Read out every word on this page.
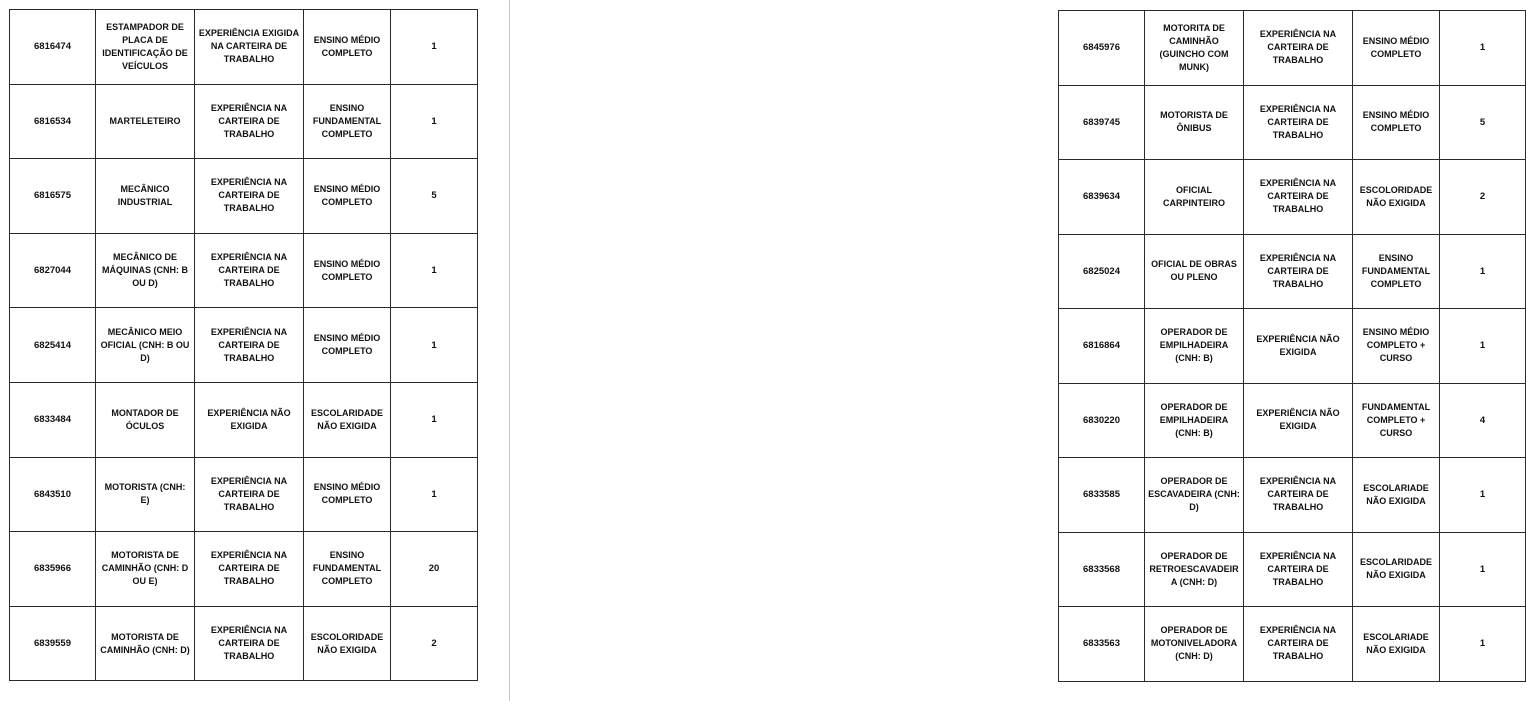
6816474	ESTAMPADOR DE PLACA DE IDENTIFICAÇÃO DE VEÍCULOS	EXPERIÊNCIA EXIGIDA NA CARTEIRA DE TRABALHO	ENSINO MÉDIO COMPLETO	1
6816534	MARTELETEIRO	EXPERIÊNCIA NA CARTEIRA DE TRABALHO	ENSINO FUNDAMENTAL COMPLETO	1
6816575	MECÂNICO INDUSTRIAL	EXPERIÊNCIA NA CARTEIRA DE TRABALHO	ENSINO MÉDIO COMPLETO	5
6827044	MECÂNICO DE MÁQUINAS (CNH: B OU D)	EXPERIÊNCIA NA CARTEIRA DE TRABALHO	ENSINO MÉDIO COMPLETO	1
6825414	MECÂNICO MEIO OFICIAL (CNH: B OU D)	EXPERIÊNCIA NA CARTEIRA DE TRABALHO	ENSINO MÉDIO COMPLETO	1
6833484	MONTADOR DE ÓCULOS	EXPERIÊNCIA NÃO EXIGIDA	ESCOLARIDADE NÃO EXIGIDA	1
6843510	MOTORISTA (CNH: E)	EXPERIÊNCIA NA CARTEIRA DE TRABALHO	ENSINO MÉDIO COMPLETO	1
6835966	MOTORISTA DE CAMINHÃO (CNH: D OU E)	EXPERIÊNCIA NA CARTEIRA DE TRABALHO	ENSINO FUNDAMENTAL COMPLETO	20
6839559	MOTORISTA DE CAMINHÃO (CNH: D)	EXPERIÊNCIA NA CARTEIRA DE TRABALHO	ESCOLORIDADE NÃO EXIGIDA	2
6845976	MOTORITA DE CAMINHÃO (GUINCHO COM MUNK)	EXPERIÊNCIA NA CARTEIRA DE TRABALHO	ENSINO MÉDIO COMPLETO	1
6839745	MOTORISTA DE ÔNIBUS	EXPERIÊNCIA NA CARTEIRA DE TRABALHO	ENSINO MÉDIO COMPLETO	5
6839634	OFICIAL CARPINTEIRO	EXPERIÊNCIA NA CARTEIRA DE TRABALHO	ESCOLORIDADE NÃO EXIGIDA	2
6825024	OFICIAL DE OBRAS OU PLENO	EXPERIÊNCIA NA CARTEIRA DE TRABALHO	ENSINO FUNDAMENTAL COMPLETO	1
6816864	OPERADOR DE EMPILHADEIRA (CNH: B)	EXPERIÊNCIA NÃO EXIGIDA	ENSINO MÉDIO COMPLETO + CURSO	1
6830220	OPERADOR DE EMPILHADEIRA (CNH: B)	EXPERIÊNCIA NÃO EXIGIDA	FUNDAMENTAL COMPLETO + CURSO	4
6833585	OPERADOR DE ESCAVADEIRA (CNH: D)	EXPERIÊNCIA NA CARTEIRA DE TRABALHO	ESCOLARIADE NÃO EXIGIDA	1
6833568	OPERADOR DE RETROESCAVADEIRA (CNH: D)	EXPERIÊNCIA NA CARTEIRA DE TRABALHO	ESCOLARIDADE NÃO EXIGIDA	1
6833563	OPERADOR DE MOTONIVELADORA (CNH: D)	EXPERIÊNCIA NA CARTEIRA DE TRABALHO	ESCOLARIADE NÃO EXIGIDA	1
